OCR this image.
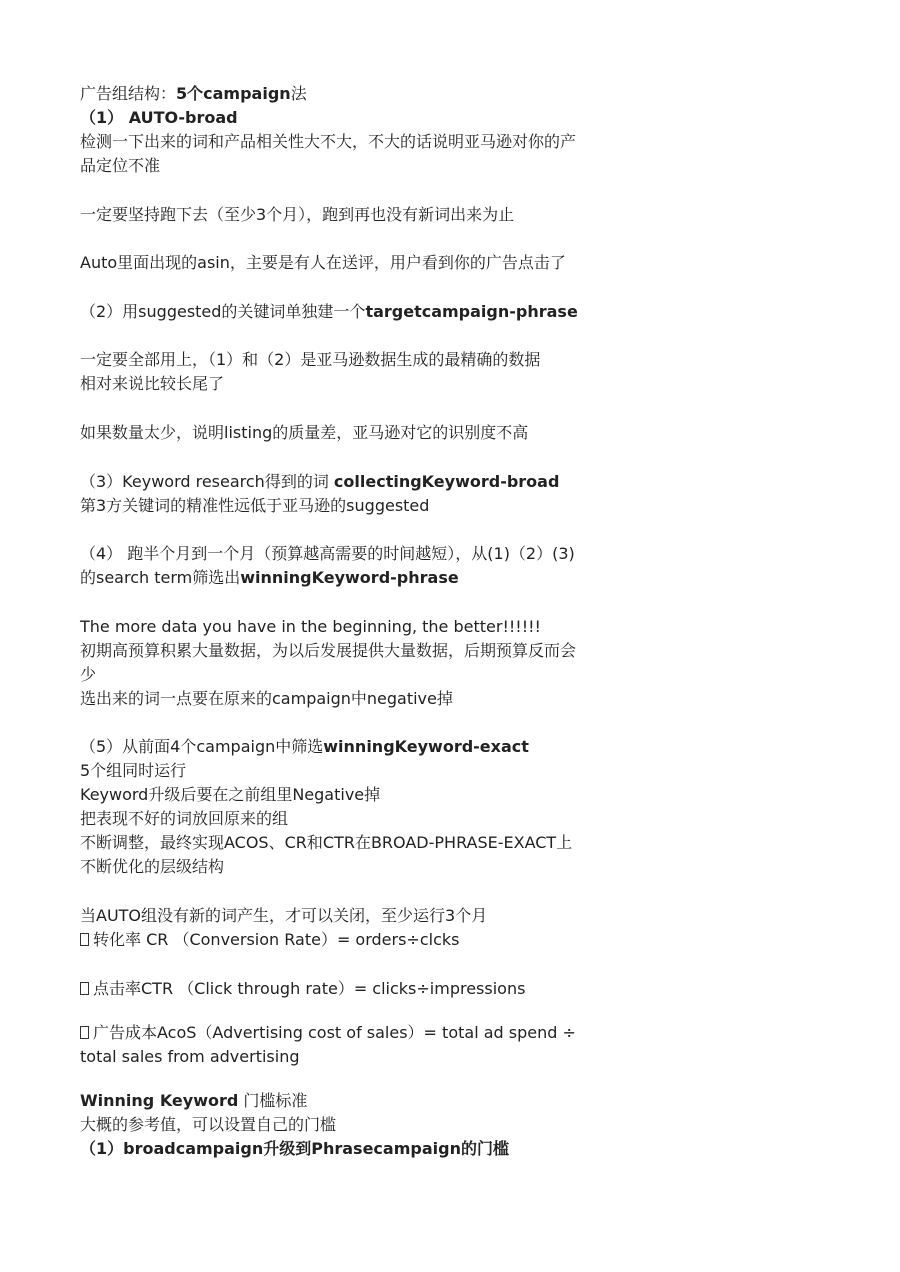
广告组结构：5个campaign法
（1） AUTO-broad
检测一下出来的词和产品相关性大不大，不大的话说明亚马逊对你的产
品定位不准
一定要坚持跑下去（至少3个月），跑到再也没有新词出来为止
Auto里面出现的asin，主要是有人在送评，用户看到你的广告点击了
（2）用suggested的关键词单独建一个targetcampaign-phrase
一定要全部用上，（1）和（2）是亚马逊数据生成的最精确的数据
相对来说比较长尾了
如果数量太少，说明listing的质量差，亚马逊对它的识别度不高
（3）Keyword research得到的词 collectingKeyword-broad
第3方关键词的精准性远低于亚马逊的suggested
（4） 跑半个月到一个月（预算越高需要的时间越短），从(1)（2）(3)
的search term筛选出winningKeyword-phrase
The more data you have in the beginning, the better!!!!!!
初期高预算积累大量数据，为以后发展提供大量数据，后期预算反而会
少
选出来的词一点要在原来的campaign中negative掉
（5）从前面4个campaign中筛选winningKeyword-exact
5个组同时运行
Keyword升级后要在之前组里Negative掉
把表现不好的词放回原来的组
不断调整，最终实现ACOS、CR和CTR在BROAD-PHRASE-EXACT上
不断优化的层级结构
当AUTO组没有新的词产生，才可以关闭，至少运行3个月
转化率 CR （Conversion Rate）= orders÷clcks
点击率CTR （Click through rate）= clicks÷impressions
广告成本AcoS（Advertising cost of sales）= total ad spend ÷
total sales from advertising
Winning Keyword 门槛标准
大概的参考值，可以设置自己的门槛
（1）broadcampaign升级到Phrasecampaign的门槛
